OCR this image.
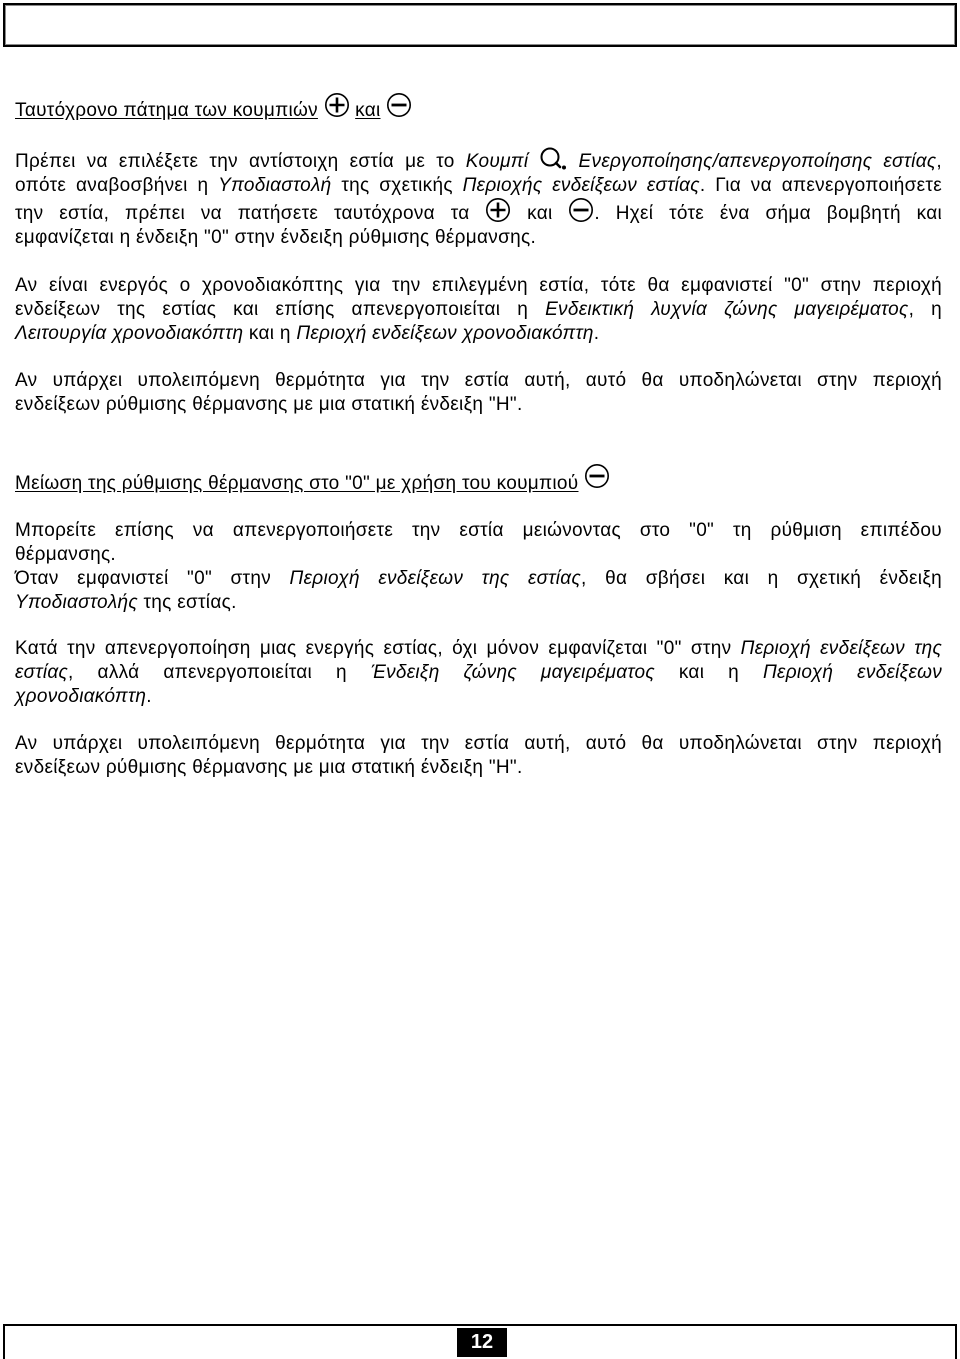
Ταυτόχρονο πάτημα των κουμπιών και
Πρέπει να επιλέξετε την αντίστοιχη εστία με το Κουμπί
Ενεργοποίησης/απενεργοποίησης εστίας,
οπότε αναβοσβήνει η Υποδιαστολή της σχετικής Περιοχής ενδείξεων εστίας. Για να απενεργοποιήσετε
την εστία, πρέπει να πατήσετε ταυτόχρονα τα
και
. Ηχεί τότε ένα σήμα βομβητή και
εμφανίζεται η ένδειξη "0" στην ένδειξη ρύθμισης θέρμανσης.
Αν είναι ενεργός ο χρονοδιακόπτης για την επιλεγμένη εστία, τότε θα εμφανιστεί "0" στην περιοχή
ενδείξεων της εστίας και επίσης απενεργοποιείται η Ενδεικτική λυχνία ζώνης μαγειρέματος, η
Λειτουργία χρονοδιακόπτη και η Περιοχή ενδείξεων χρονοδιακόπτη.
Αν υπάρχει υπολειπόμενη θερμότητα για την εστία αυτή, αυτό θα υποδηλώνεται στην περιοχή
ενδείξεων ρύθμισης θέρμανσης με μια στατική ένδειξη "H".
Μείωση της ρύθμισης θέρμανσης στο "0" με χρήση του κουμπιού
Μπορείτε επίσης να απενεργοποιήσετε την εστία μειώνοντας στο "0" τη ρύθμιση επιπέδου
θέρμανσης.
Όταν εμφανιστεί "0" στην Περιοχή ενδείξεων της εστίας, θα σβήσει και η σχετική ένδειξη
Υποδιαστολής της εστίας.
Κατά την απενεργοποίηση μιας ενεργής εστίας, όχι μόνον εμφανίζεται "0" στην Περιοχή ενδείξεων της
εστίας, αλλά απενεργοποιείται η Ένδειξη ζώνης μαγειρέματος και η Περιοχή ενδείξεων
χρονοδιακόπτη.
Αν υπάρχει υπολειπόμενη θερμότητα για την εστία αυτή, αυτό θα υποδηλώνεται στην περιοχή
ενδείξεων ρύθμισης θέρμανσης με μια στατική ένδειξη "H".
12
